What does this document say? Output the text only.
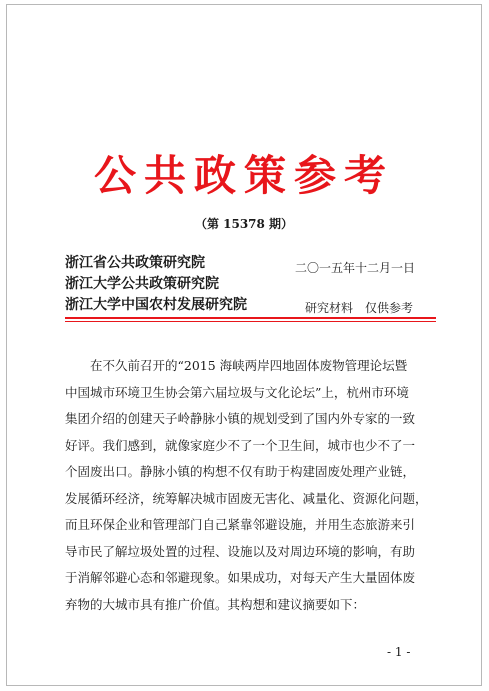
公共政策参考
（第 15378 期）
浙江省公共政策研究院
浙江大学公共政策研究院
浙江大学中国农村发展研究院
二〇一五年十二月一日
研究材料　仅供参考
在不久前召开的“2015 海峡两岸四地固体废物管理论坛暨
中国城市环境卫生协会第六届垃圾与文化论坛”上，杭州市环境
集团介绍的创建天子岭静脉小镇的规划受到了国内外专家的一致
好评。我们感到，就像家庭少不了一个卫生间，城市也少不了一
个固废出口。静脉小镇的构想不仅有助于构建固废处理产业链，
发展循环经济，统筹解决城市固废无害化、减量化、资源化问题，
而且环保企业和管理部门自己紧靠邻避设施，并用生态旅游来引
导市民了解垃圾处置的过程、设施以及对周边环境的影响，有助
于消解邻避心态和邻避现象。如果成功，对每天产生大量固体废
弃物的大城市具有推广价值。其构想和建议摘要如下：
- 1 -
